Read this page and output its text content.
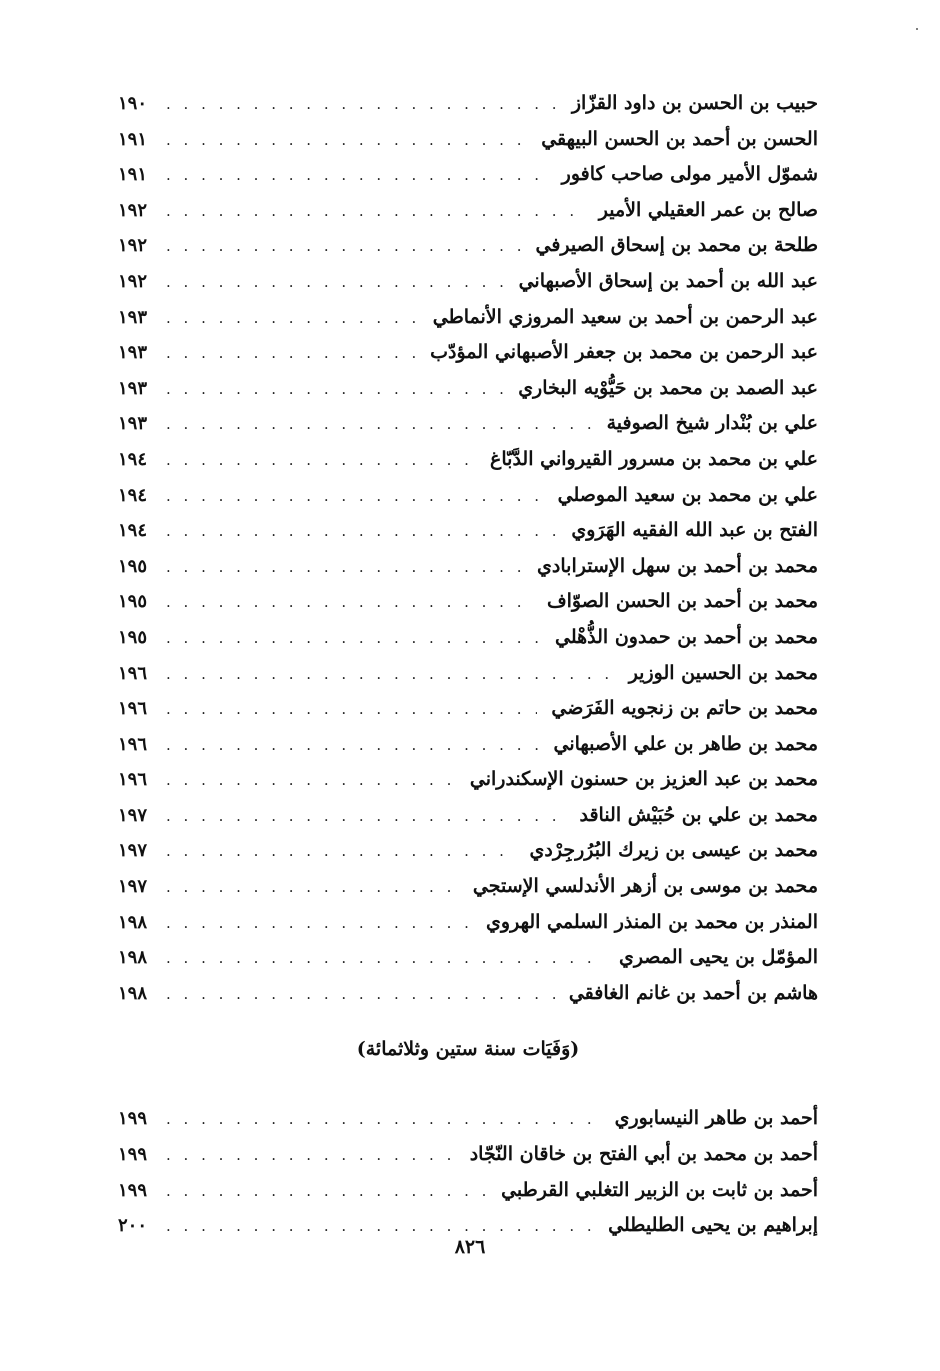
حبيب بن الحسن بن داود القزّاز
. . .
١٩٠
الحسن بن أحمد بن الحسن البيهقي
. . .
١٩١
شموّل الأمير مولى صاحب كافور
. . .
١٩١
صالح بن عمر العقيلي الأمير
. . .
١٩٢
طلحة بن محمد بن إسحاق الصيرفي
. . .
١٩٢
عبد الله بن أحمد بن إسحاق الأصبهاني
. . .
١٩٢
عبد الرحمن بن أحمد بن سعيد المروزي الأنماطي
. . .
١٩٣
عبد الرحمن بن محمد بن جعفر الأصبهاني المؤدّب
. . .
١٩٣
عبد الصمد بن محمد بن حَيُّوْيه البخاري
. . .
١٩٣
علي بن بُنْدار شيخ الصوفية
. . .
١٩٣
علي بن محمد بن مسرور القيرواني الدَّبّاغ
. . .
١٩٤
علي بن محمد بن سعيد الموصلي
. . .
١٩٤
الفتح بن عبد الله الفقيه الهَرَوي
. . .
١٩٤
محمد بن أحمد بن سهل الإسترابادي
. . .
١٩٥
محمد بن أحمد بن الحسن الصوّاف
. . .
١٩٥
محمد بن أحمد بن حمدون الذُّهْلي
. . .
١٩٥
محمد بن الحسين الوزير
. . .
١٩٦
محمد بن حاتم بن زنجويه الفَرَضي
. . .
١٩٦
محمد بن طاهر بن علي الأصبهاني
. . .
١٩٦
محمد بن عبد العزيز بن حسنون الإسكندراني
. . .
١٩٦
محمد بن علي بن حُبَيْش الناقد
. . .
١٩٧
محمد بن عيسى بن زيرك البُرُرجِرْدي
. . .
١٩٧
محمد بن موسى بن أزهر الأندلسي الإستجي
. . .
١٩٧
المنذر بن محمد بن المنذر السلمي الهروي
. . .
١٩٨
المؤمّل بن يحيى المصري
. . .
١٩٨
هاشم بن أحمد بن غانم الغافقي
. . .
١٩٨
(وَفَيَات سنة ستين وثلاثمائة)
أحمد بن طاهر النيسابوري
. . .
١٩٩
أحمد بن محمد بن أبي الفتح بن خاقان النّجّاد
. . .
١٩٩
أحمد بن ثابت بن الزبير التغلبي القرطبي
. . .
١٩٩
إبراهيم بن يحيى الطليطلي
. . .
٢٠٠
٨٢٦
